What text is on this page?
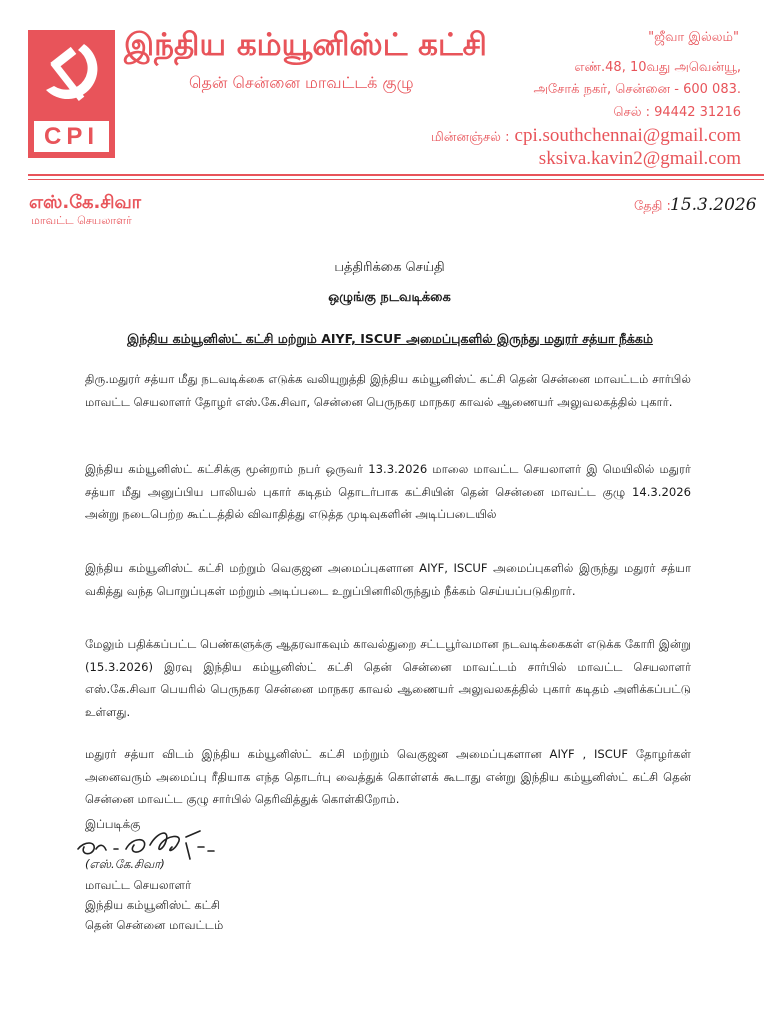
CPI
இந்திய கம்யூனிஸ்ட் கட்சி
தென் சென்னை மாவட்டக் குழு
"ஜீவா இல்லம்"
எண்.48, 10வது அவென்யூ,
அசோக் நகர், சென்னை - 600 083.
செல் : 94442 31216
மின்னஞ்சல் : cpi.southchennai@gmail.com
sksiva.kavin2@gmail.com
எஸ்.கே.சிவா
மாவட்ட செயலாளர்
தேதி : 15.3.2026
பத்திரிக்கை செய்தி
ஒழுங்கு நடவடிக்கை
இந்திய கம்யூனிஸ்ட் கட்சி மற்றும் AIYF, ISCUF அமைப்புகளில் இருந்து மதுரர் சத்யா நீக்கம்
திரு.மதுரர் சத்யா மீது நடவடிக்கை எடுக்க வலியுறுத்தி இந்திய கம்யூனிஸ்ட் கட்சி தென் சென்னை மாவட்டம் சார்பில் மாவட்ட செயலாளர் தோழர் எஸ்.கே.சிவா, சென்னை பெருநகர மாநகர காவல் ஆணையர் அலுவலகத்தில் புகார்.
இந்திய கம்யூனிஸ்ட் கட்சிக்கு மூன்றாம் நபர் ஒருவர் 13.3.2026 மாலை மாவட்ட செயலாளர் இ மெயிலில் மதுரர் சத்யா மீது அனுப்பிய பாலியல் புகார் கடிதம் தொடர்பாக கட்சியின் தென் சென்னை மாவட்ட குழு 14.3.2026 அன்று நடைபெற்ற கூட்டத்தில் விவாதித்து எடுத்த முடிவுகளின் அடிப்படையில்
இந்திய கம்யூனிஸ்ட் கட்சி மற்றும் வெகுஜன அமைப்புகளான AIYF, ISCUF அமைப்புகளில் இருந்து மதுரர் சத்யா வகித்து வந்த பொறுப்புகள் மற்றும் அடிப்படை உறுப்பினரிலிருந்தும் நீக்கம் செய்யப்படுகிறார்.
மேலும் பதிக்கப்பட்ட பெண்களுக்கு ஆதரவாகவும் காவல்துறை சட்டபூர்வமான நடவடிக்கைகள் எடுக்க கோரி இன்று (15.3.2026) இரவு இந்திய கம்யூனிஸ்ட் கட்சி தென் சென்னை மாவட்டம் சார்பில் மாவட்ட செயலாளர் எஸ்.கே.சிவா பெயரில் பெருநகர சென்னை மாநகர காவல் ஆணையர் அலுவலகத்தில் புகார் கடிதம் அளிக்கப்பட்டு உள்ளது.
மதுரர் சத்யா விடம் இந்திய கம்யூனிஸ்ட் கட்சி மற்றும் வெகுஜன அமைப்புகளான AIYF , ISCUF தோழர்கள் அனைவரும் அமைப்பு ரீதியாக எந்த தொடர்பு வைத்துக் கொள்ளக் கூடாது என்று இந்திய கம்யூனிஸ்ட் கட்சி தென் சென்னை மாவட்ட குழு சார்பில் தெரிவித்துக் கொள்கிறோம்.
இப்படிக்கு
(எஸ்.கே.சிவா)
மாவட்ட செயலாளர்
இந்திய கம்யூனிஸ்ட் கட்சி
தென் சென்னை மாவட்டம்
